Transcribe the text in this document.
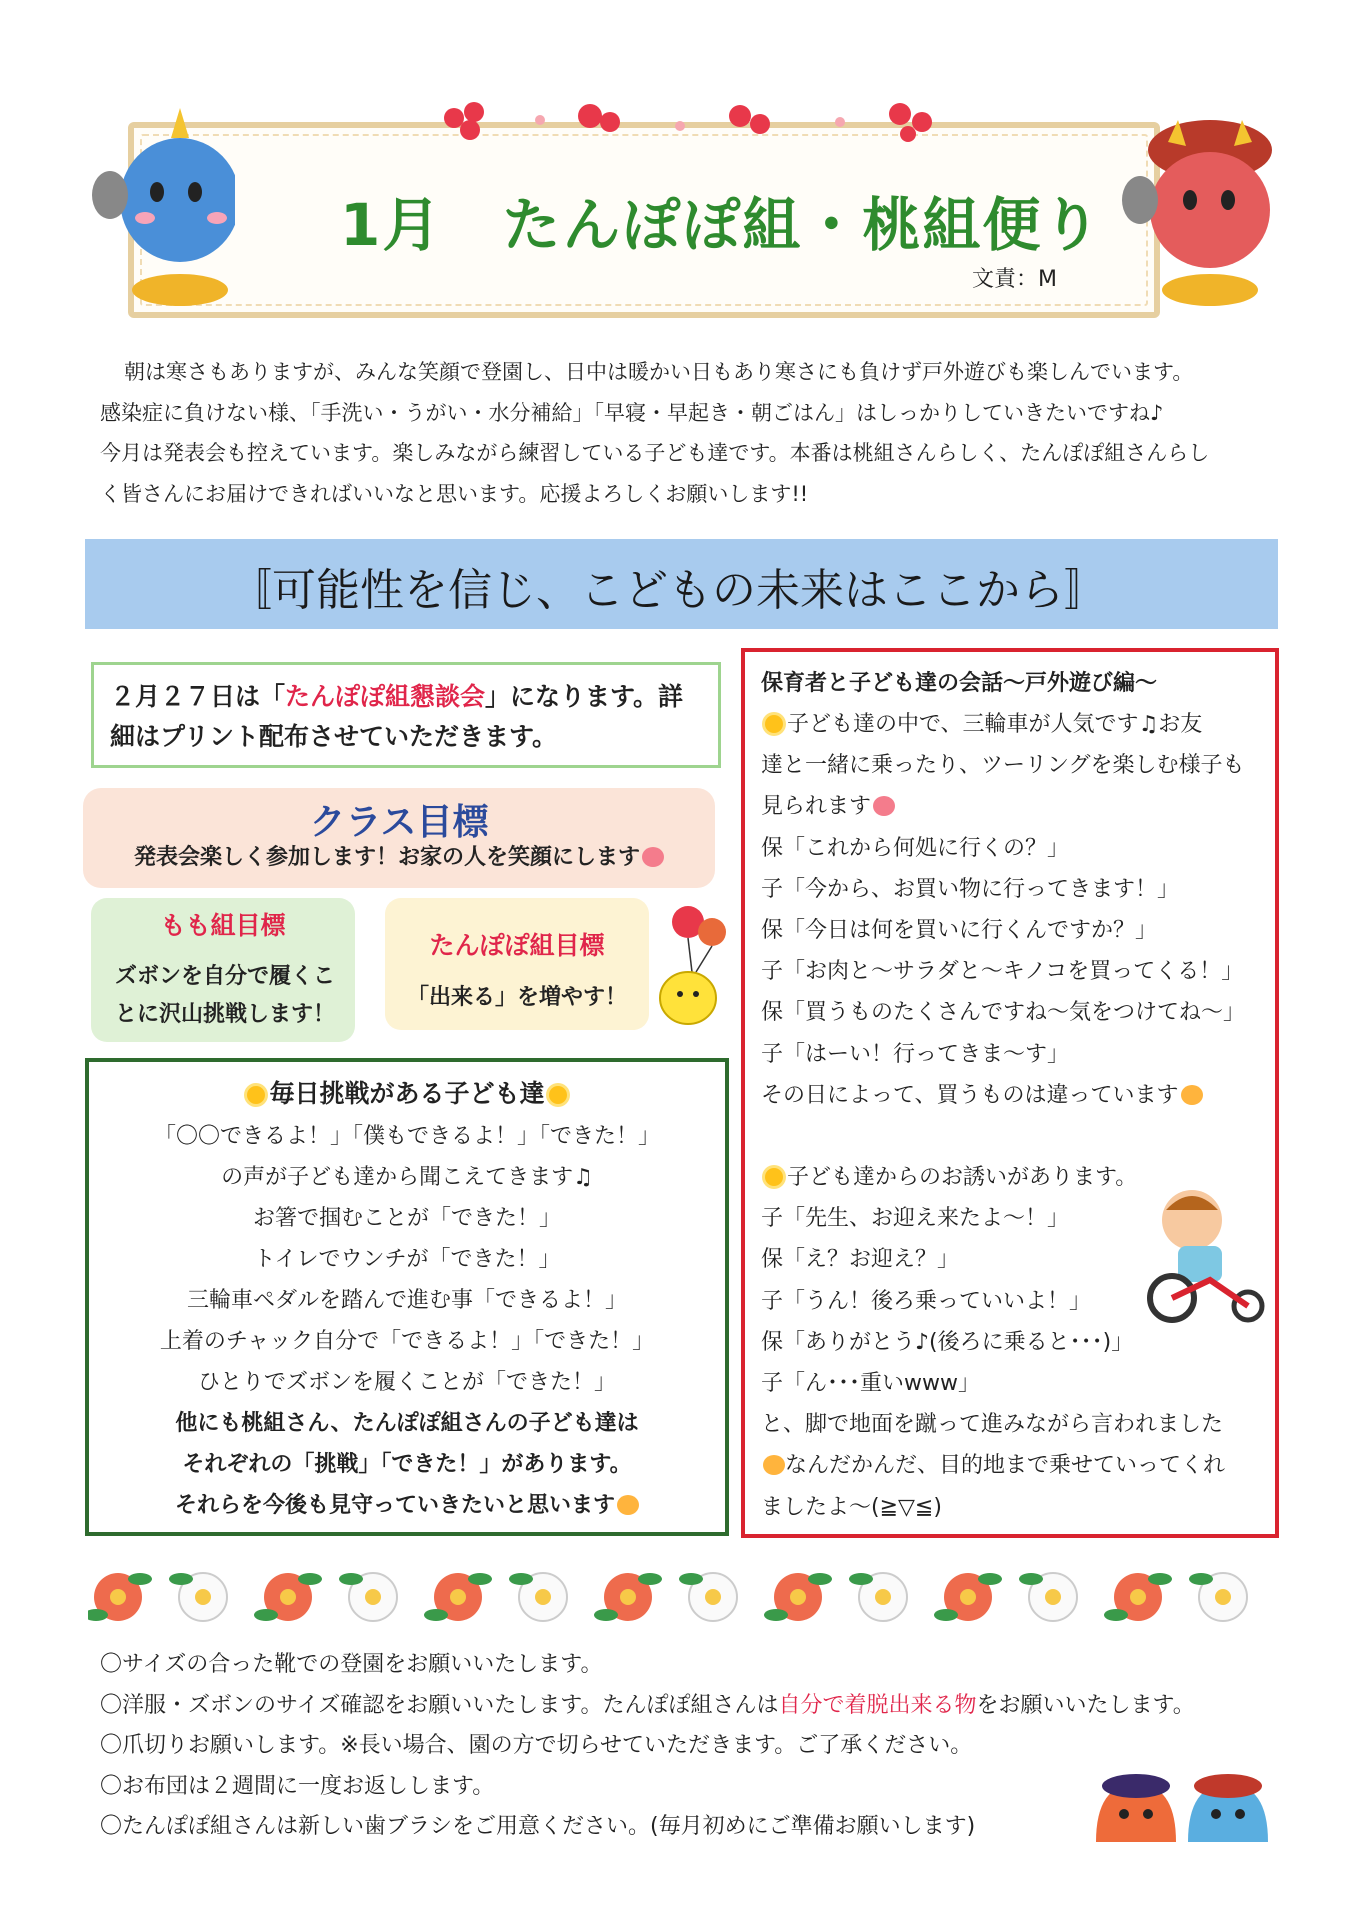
1月　たんぽぽ組・桃組便り
文責：M

朝は寒さもありますが、みんな笑顔で登園し、日中は暖かい日もあり寒さにも負けず戸外遊びも楽しんでいます。

感染症に負けない様、「手洗い・うがい・水分補給」「早寝・早起き・朝ごはん」はしっかりしていきたいですね♪

今月は発表会も控えています。楽しみながら練習している子ども達です。本番は桃組さんらしく、たんぽぽ組さんらし

く皆さんにお届けできればいいなと思います。応援よろしくお願いします!!

〚可能性を信じ、こどもの未来はここから〛
２月２７日は「たんぽぽ組懇談会」になります。詳細はプリント配布させていただきます。
クラス目標
発表会楽しく参加します！お家の人を笑顔にします
もも組目標
ズボンを自分で履くことに沢山挑戦します！
たんぽぽ組目標
「出来る」を増やす！
毎日挑戦がある子ども達
「〇〇できるよ！」「僕もできるよ！」「できた！」
の声が子ども達から聞こえてきます♫
お箸で掴むことが「できた！」
トイレでウンチが「できた！」
三輪車ペダルを踏んで進む事「できるよ！」
上着のチャック自分で「できるよ！」「できた！」
ひとりでズボンを履くことが「できた！」
他にも桃組さん、たんぽぽ組さんの子ども達は
それぞれの「挑戦」「できた！」があります。
それらを今後も見守っていきたいと思います
保育者と子ども達の会話～戸外遊び編～
子ども達の中で、三輪車が人気です♫お友
達と一緒に乗ったり、ツーリングを楽しむ様子も
見られます
保「これから何処に行くの？」
子「今から、お買い物に行ってきます！」
保「今日は何を買いに行くんですか？」
子「お肉と～サラダと～キノコを買ってくる！」
保「買うものたくさんですね～気をつけてね～」
子「はーい！行ってきま～す」
その日によって、買うものは違っています
子ども達からのお誘いがあります。
子「先生、お迎え来たよ～！」
保「え？お迎え？」
子「うん！後ろ乗っていいよ！」
保「ありがとう♪(後ろに乗ると･･･)」
子「ん･･･重いwww」
と、脚で地面を蹴って進みながら言われました
なんだかんだ、目的地まで乗せていってくれ
ましたよ～(≧▽≦)
〇サイズの合った靴での登園をお願いいたします。
〇洋服・ズボンのサイズ確認をお願いいたします。たんぽぽ組さんは自分で着脱出来る物をお願いいたします。
〇爪切りお願いします。※長い場合、園の方で切らせていただきます。ご了承ください。
〇お布団は２週間に一度お返しします。
〇たんぽぽ組さんは新しい歯ブラシをご用意ください。(毎月初めにご準備お願いします)
